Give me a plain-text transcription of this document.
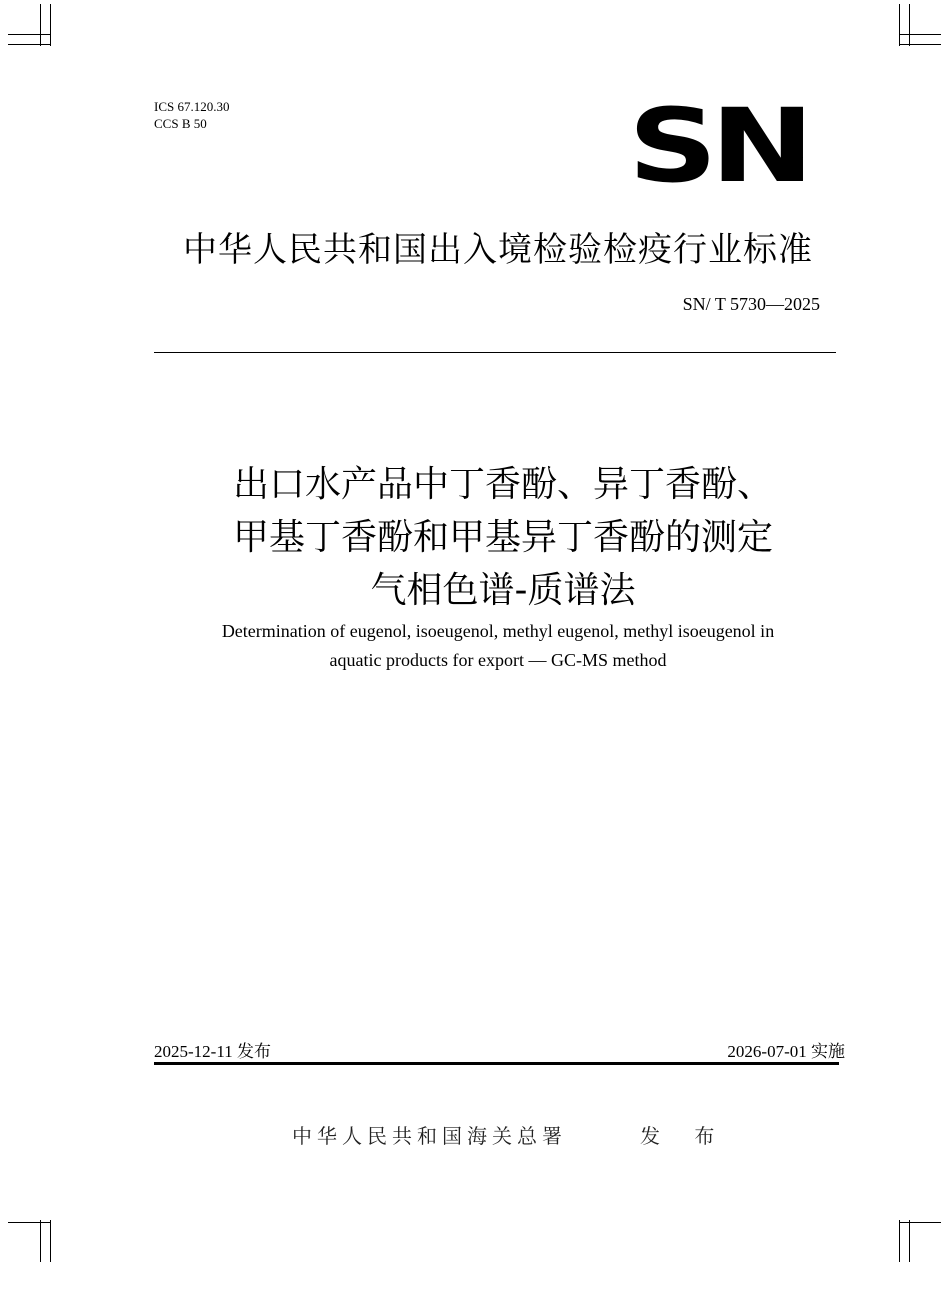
ICS 67.120.30
CCS B 50	SN
中华人民共和国出入境检验检疫行业标准
SN/ T 5730—2025
出口水产品中丁香酚、异丁香酚、
甲基丁香酚和甲基异丁香酚的测定
气相色谱-质谱法
Determination of eugenol, isoeugenol, methyl eugenol, methyl isoeugenol in
aquatic products for export — GC-MS method
2025-12-11 发布	2026-07-01 实施
中华人民共和国海关总署	发 布
